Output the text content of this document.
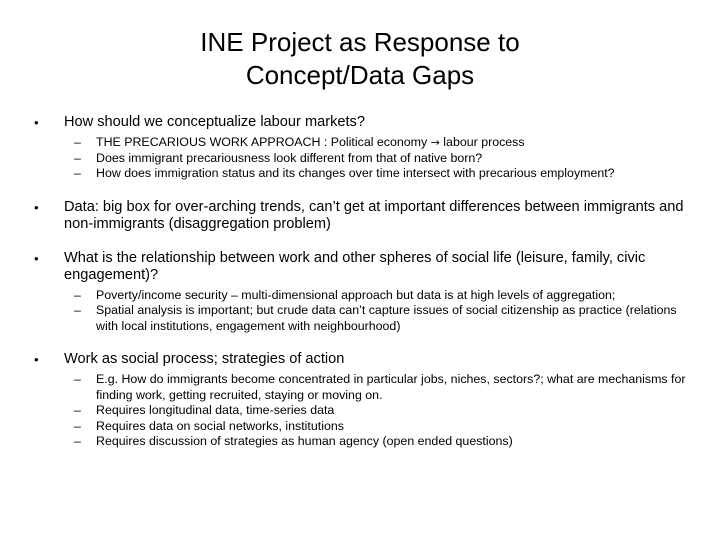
INE Project as Response to
Concept/Data Gaps
• How should we conceptualize labour markets?
– THE PRECARIOUS WORK APPROACH : Political economy → labour process
– Does immigrant precariousness look different from that of native born?
– How does immigration status and its changes over time intersect with precarious employment?
• Data: big box for over-arching trends, can’t get at important differences between immigrants and non-immigrants (disaggregation problem)
• What is the relationship between work and other spheres of social life (leisure, family, civic engagement)?
– Poverty/income security – multi-dimensional approach but data is at high levels of aggregation;
– Spatial analysis is important; but crude data can’t capture issues of social citizenship as practice (relations with local institutions, engagement with neighbourhood)
• Work as social process; strategies of action
– E.g. How do immigrants become concentrated in particular jobs, niches, sectors?; what are mechanisms for finding work, getting recruited, staying or moving on.
– Requires longitudinal data, time-series data
– Requires data on social networks, institutions
– Requires discussion of strategies as human agency (open ended questions)
